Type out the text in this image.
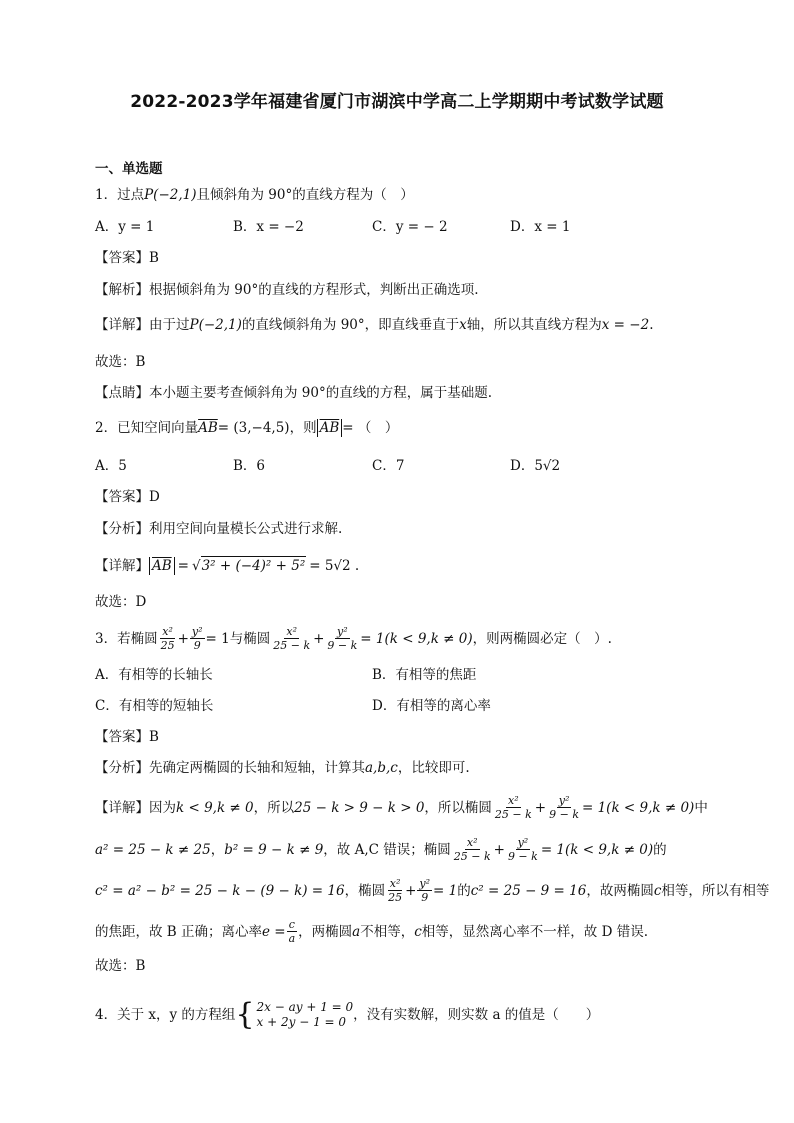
2022-2023学年福建省厦门市湖滨中学高二上学期期中考试数学试题
一、单选题
1．过点 P(−2,1) 且倾斜角为 90°的直线方程为（　）
A．y = 1	B．x = −2	C．y = − 2	D．x = 1
【答案】B
【解析】根据倾斜角为 90°的直线的方程形式，判断出正确选项.
【详解】由于过 P(−2,1) 的直线倾斜角为 90°，即直线垂直于 x 轴，所以其直线方程为 x = −2 .
故选：B
【点睛】本小题主要考查倾斜角为 90°的直线的方程，属于基础题.
2．已知空间向量 $\overline{AB} = (3,-4,5)$ ，则 $\overline{AB}$ = （　）
A．5	B．6	C．7	D．5√2
【答案】D
【分析】利用空间向量模长公式进行求解.
【详解】 $\overline{AB}$ = √ 3² + (−4)² + 5² = 5√2 .
故选：D
3．若椭圆 $\frac{\text{x²}}{25} + \frac{\text{y²}}{9} = 1$ 与椭圆 $\frac{\text{x²}}{25 - k} + \frac{\text{y²}}{9 - k} = 1(k < 9,k \ne 0)$ ，则两椭圆必定（　）.
A．有相等的长轴长	B．有相等的焦距
C．有相等的短轴长	D．有相等的离心率
【答案】B
【分析】先确定两椭圆的长轴和短轴，计算其 a,b,c ，比较即可.
【详解】因为 k < 9,k ≠ 0 ，所以 25 − k > 9 − k > 0 ，所以椭圆 $\frac{\text{x²}}{25 - k} + \frac{\text{y²}}{9 - k} = 1(k < 9,k \ne 0)$ 中
a² = 25 − k ≠ 25 ， b² = 9 − k ≠ 9 ，故 A,C 错误；椭圆 $\frac{\text{x²}}{25 - k} + \frac{\text{y²}}{9 - k} = 1(k < 9,k \ne 0)$ 的
c² = a² − b² = 25 − k − (9 − k) = 16 ，椭圆 $\frac{\text{x²}}{25} + \frac{\text{y²}}{9} = 1$ 的 c² = 25 − 9 = 16 ，故两椭圆 c 相等，所以有相等
的焦距，故 B 正确；离心率 $e = \frac{c}{a}$ ，两椭圆 a 不相等， c 相等，显然离心率不一样，故 D 错误.
故选：B
4．关于 x，y 的方程组 { 2x − ay + 1 = 0
x + 2y − 1 = 0 ，没有实数解，则实数 a 的值是（　　）
